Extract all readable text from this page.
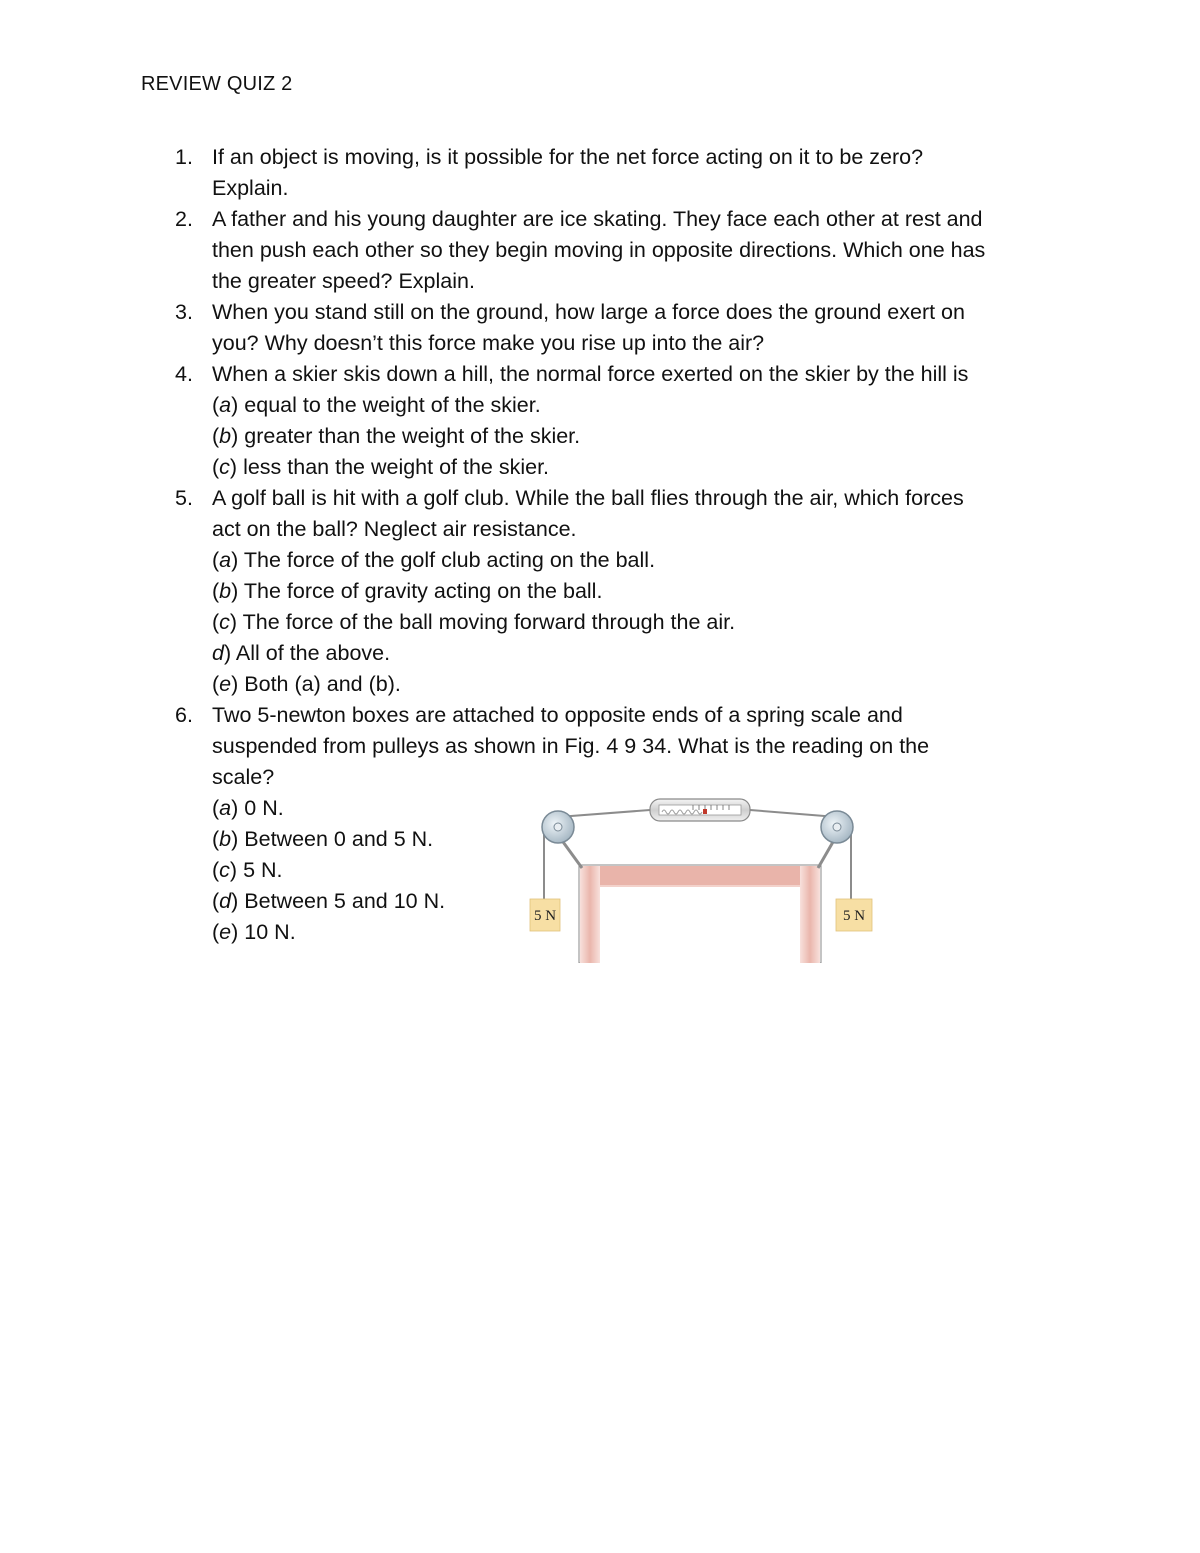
REVIEW QUIZ 2
1. If an object is moving, is it possible for the net force acting on it to be zero?
Explain.
2. A father and his young daughter are ice skating. They face each other at rest and
then push each other so they begin moving in opposite directions. Which one has
the greater speed? Explain.
3. When you stand still on the ground, how large a force does the ground exert on
you? Why doesn’t this force make you rise up into the air?
4. When a skier skis down a hill, the normal force exerted on the skier by the hill is
(a) equal to the weight of the skier.
(b) greater than the weight of the skier.
(c) less than the weight of the skier.
5. A golf ball is hit with a golf club. While the ball flies through the air, which forces
act on the ball? Neglect air resistance.
(a) The force of the golf club acting on the ball.
(b) The force of gravity acting on the ball.
(c) The force of the ball moving forward through the air.
d) All of the above.
(e) Both (a) and (b).
6. Two 5-newton boxes are attached to opposite ends of a spring scale and
suspended from pulleys as shown in Fig. 4 9 34. What is the reading on the
scale?
(a) 0 N.
(b) Between 0 and 5 N.
(c) 5 N.
(d) Between 5 and 10 N.
(e) 10 N.
5 N	5 N
